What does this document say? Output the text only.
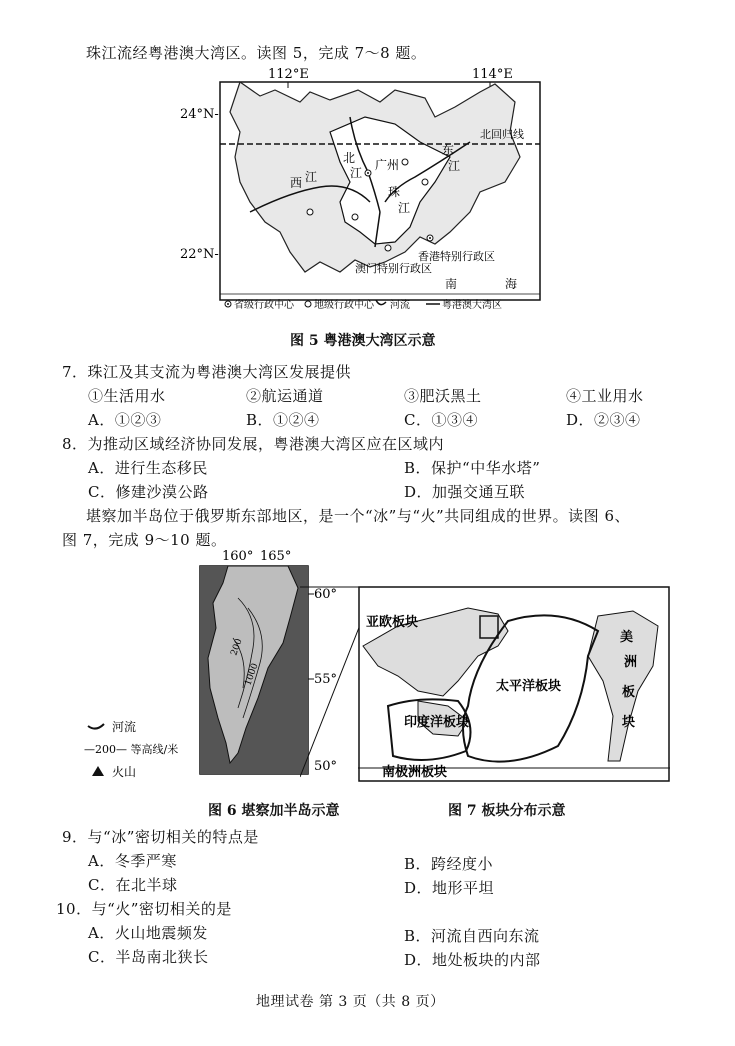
珠江流经粤港澳大湾区。读图 5，完成 7～8 题。
112°E	114°E
24°N-
22°N-
北回归线
西 江
北
江
东
江
珠
江
广州
香港特别行政区
澳门特别行政区
南	海
省级行政中心 地级行政中心 河流	粤港澳大湾区
图 5 粤港澳大湾区示意
7．珠江及其支流为粤港澳大湾区发展提供
①生活用水	②航运通道	③肥沃黑土	④工业用水
A．①②③	B．①②④	C．①③④	D．②③④
8．为推动区域经济协同发展，粤港澳大湾区应在区域内
A．进行生态移民	B．保护“中华水塔”
C．修建沙漠公路	D．加强交通互联
堪察加半岛位于俄罗斯东部地区，是一个“冰”与“火”共同组成的世界。读图 6、
图 7，完成 9～10 题。
160° 165°
200
1000
60°
55°
50°
河流
—200— 等高线/米
火山
亚欧板块
太平洋板块
印度洋板块
南极洲板块
美
洲
板
块
图 6 堪察加半岛示意	图 7 板块分布示意
9．与“冰”密切相关的特点是
A．冬季严寒	B．跨经度小
C．在北半球	D．地形平坦
10．与“火”密切相关的是
A．火山地震频发	B．河流自西向东流
C．半岛南北狭长	D．地处板块的内部
地理试卷 第 3 页（共 8 页）
